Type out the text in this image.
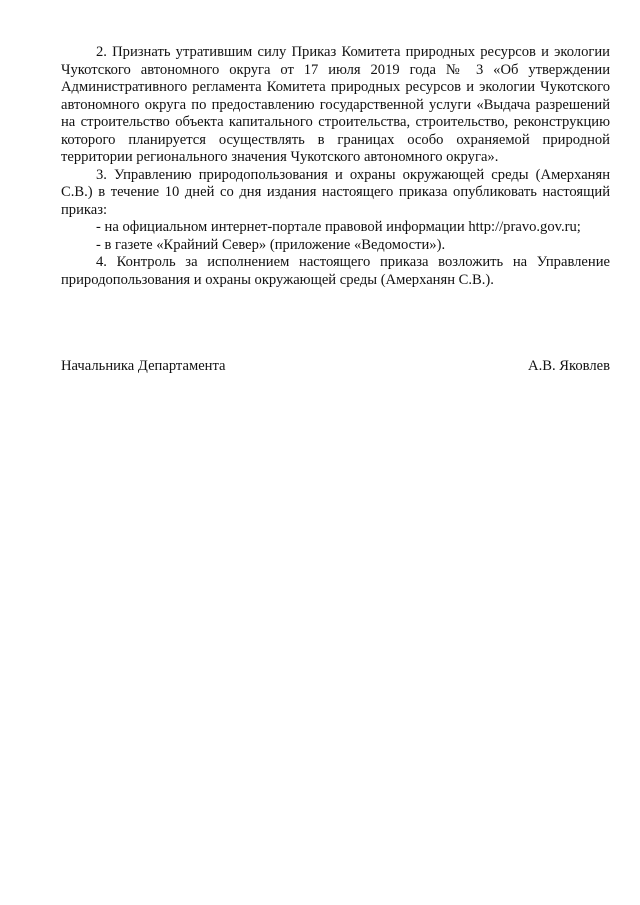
2. Признать утратившим силу Приказ Комитета природных ресурсов и экологии Чукотского автономного округа от 17 июля 2019 года № 3 «Об утверждении Административного регламента Комитета природных ресурсов и экологии Чукотского автономного округа по предоставлению государственной услуги «Выдача разрешений на строительство объекта капитального строительства, строительство, реконструкцию которого планируется осуществлять в границах особо охраняемой природной территории регионального значения Чукотского автономного округа».

3. Управлению природопользования и охраны окружающей среды (Амерханян С.В.) в течение 10 дней со дня издания настоящего приказа опубликовать настоящий приказ:

- на официальном интернет-портале правовой информации http://pravo.gov.ru;

- в газете «Крайний Север» (приложение «Ведомости»).

4. Контроль за исполнением настоящего приказа возложить на Управление природопользования и охраны окружающей среды (Амерханян С.В.).

Начальника Департамента	А.В. Яковлев
